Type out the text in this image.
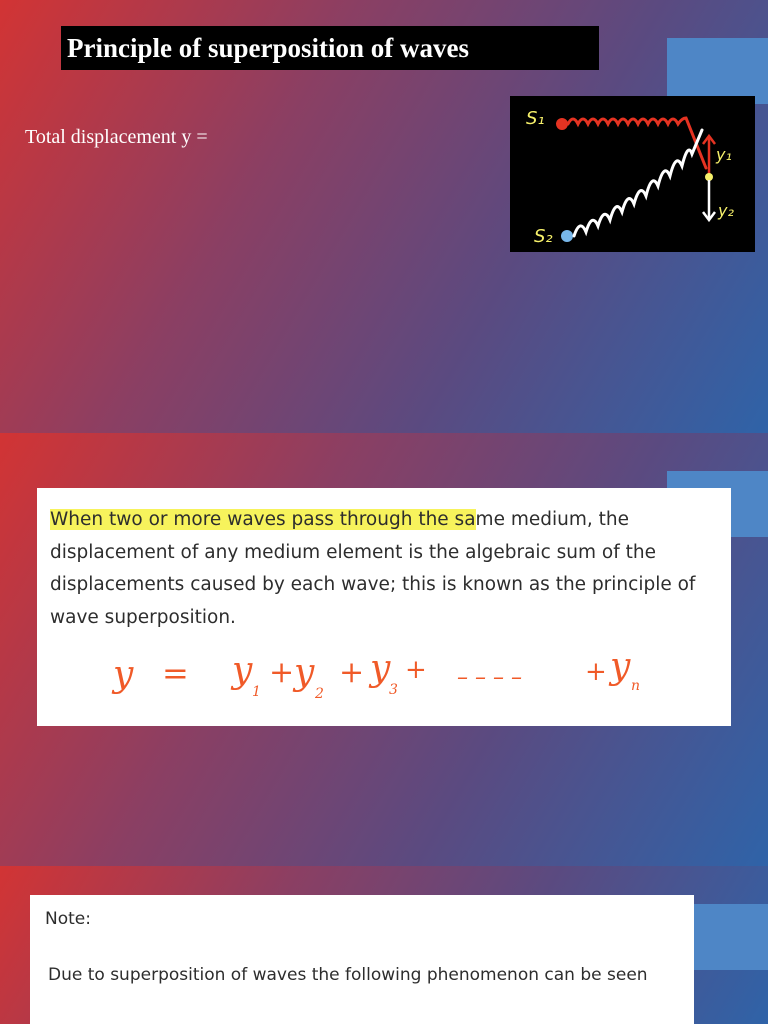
Principle of superposition of waves
Total displacement y =
S₁
y₁
y₂
S₂
When two or more waves pass through the same medium, the displacement of any medium element is the algebraic sum of the displacements caused by each wave; this is known as the principle of wave superposition.
y = y
1
+ y
2
+ y
3
+ – – – – + y n
Note:
Due to superposition of waves the following phenomenon can be seen
